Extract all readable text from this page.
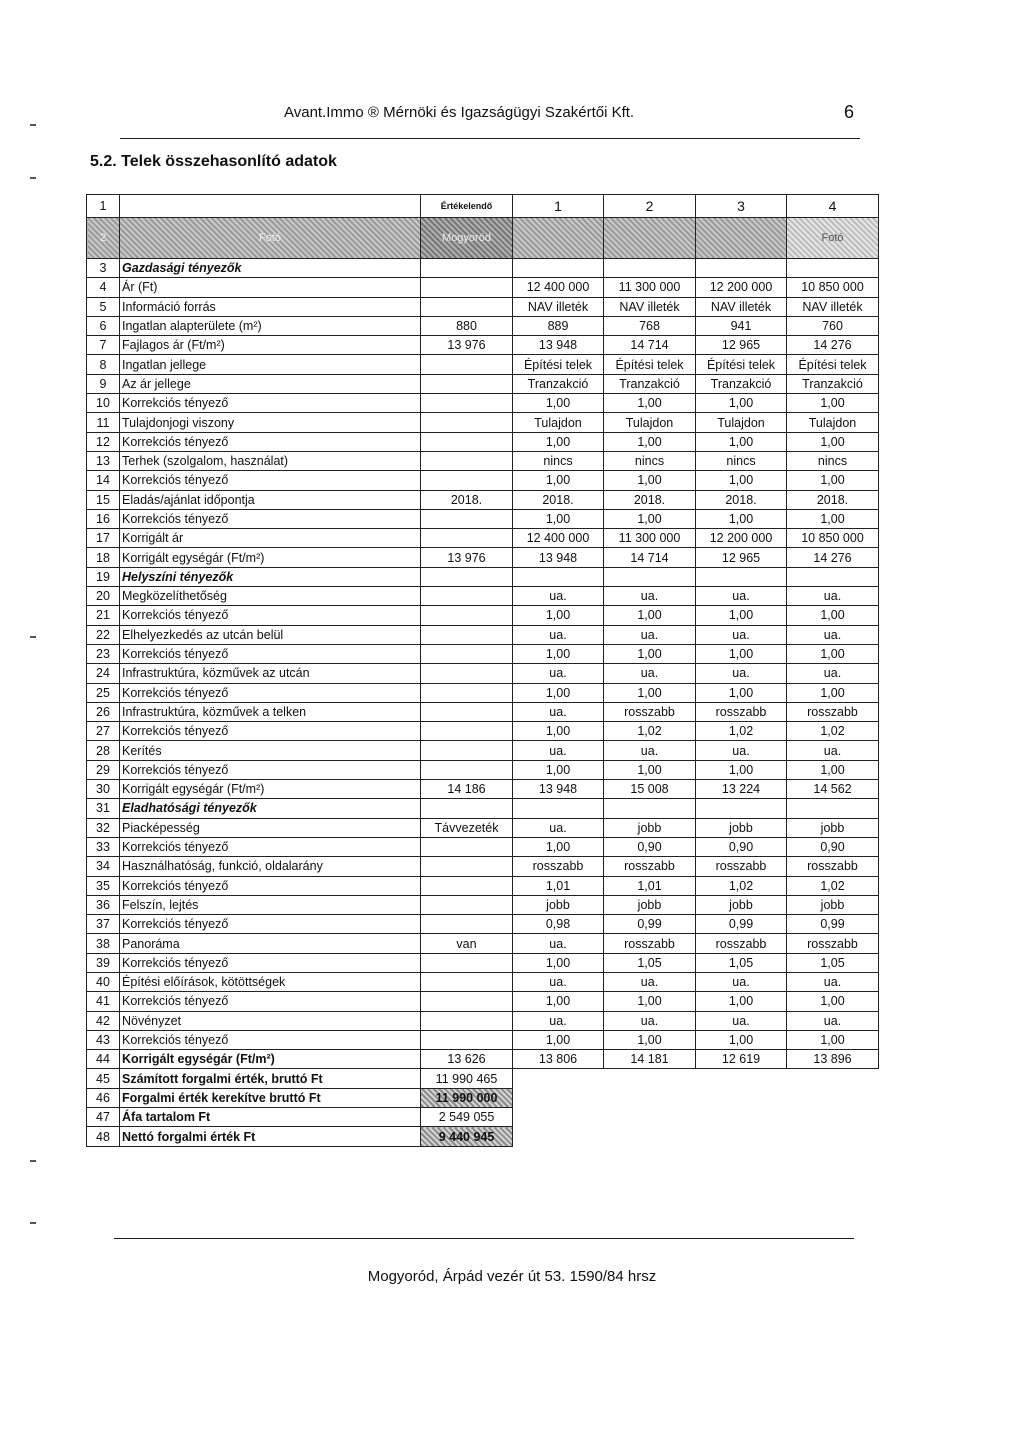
Avant.Immo ® Mérnöki és Igazságügyi Szakértői Kft.	6
5.2. Telek összehasonlító adatok
1		Értékelendő	1	2	3	4
2	Fotó	Mogyoród				Fotó
3	Gazdasági tényezők					
4	Ár (Ft)		12 400 000	11 300 000	12 200 000	10 850 000
5	Információ forrás		NAV illeték	NAV illeték	NAV illeték	NAV illeték
6	Ingatlan alapterülete (m²)	880	889	768	941	760
7	Fajlagos ár (Ft/m²)	13 976	13 948	14 714	12 965	14 276
8	Ingatlan jellege		Építési telek	Építési telek	Építési telek	Építési telek
9	Az ár jellege		Tranzakció	Tranzakció	Tranzakció	Tranzakció
10	Korrekciós tényező		1,00	1,00	1,00	1,00
11	Tulajdonjogi viszony		Tulajdon	Tulajdon	Tulajdon	Tulajdon
12	Korrekciós tényező		1,00	1,00	1,00	1,00
13	Terhek (szolgalom, használat)		nincs	nincs	nincs	nincs
14	Korrekciós tényező		1,00	1,00	1,00	1,00
15	Eladás/ajánlat időpontja	2018.	2018.	2018.	2018.	2018.
16	Korrekciós tényező		1,00	1,00	1,00	1,00
17	Korrigált ár		12 400 000	11 300 000	12 200 000	10 850 000
18	Korrigált egységár (Ft/m²)	13 976	13 948	14 714	12 965	14 276
19	Helyszíni tényezők					
20	Megközelíthetőség		ua.	ua.	ua.	ua.
21	Korrekciós tényező		1,00	1,00	1,00	1,00
22	Elhelyezkedés az utcán belül		ua.	ua.	ua.	ua.
23	Korrekciós tényező		1,00	1,00	1,00	1,00
24	Infrastruktúra, közművek az utcán		ua.	ua.	ua.	ua.
25	Korrekciós tényező		1,00	1,00	1,00	1,00
26	Infrastruktúra, közművek a telken		ua.	rosszabb	rosszabb	rosszabb
27	Korrekciós tényező		1,00	1,02	1,02	1,02
28	Kerítés		ua.	ua.	ua.	ua.
29	Korrekciós tényező		1,00	1,00	1,00	1,00
30	Korrigált egységár (Ft/m²)	14 186	13 948	15 008	13 224	14 562
31	Eladhatósági tényezők					
32	Piacképesség	Távvezeték	ua.	jobb	jobb	jobb
33	Korrekciós tényező		1,00	0,90	0,90	0,90
34	Használhatóság, funkció, oldalarány		rosszabb	rosszabb	rosszabb	rosszabb
35	Korrekciós tényező		1,01	1,01	1,02	1,02
36	Felszín, lejtés		jobb	jobb	jobb	jobb
37	Korrekciós tényező		0,98	0,99	0,99	0,99
38	Panoráma	van	ua.	rosszabb	rosszabb	rosszabb
39	Korrekciós tényező		1,00	1,05	1,05	1,05
40	Építési előírások, kötöttségek		ua.	ua.	ua.	ua.
41	Korrekciós tényező		1,00	1,00	1,00	1,00
42	Növényzet		ua.	ua.	ua.	ua.
43	Korrekciós tényező		1,00	1,00	1,00	1,00
44	Korrigált egységár (Ft/m²)	13 626	13 806	14 181	12 619	13 896
45	Számított forgalmi érték, bruttó Ft	11 990 465				
46	Forgalmi érték kerekítve bruttó Ft	11 990 000				
47	Áfa tartalom Ft	2 549 055				
48	Nettó forgalmi érték Ft	9 440 945				
Mogyoród, Árpád vezér út 53. 1590/84 hrsz
